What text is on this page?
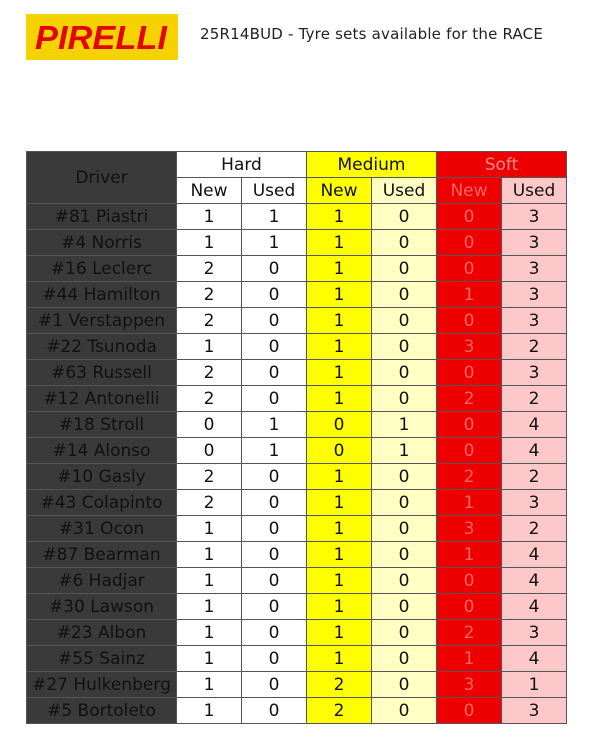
PIRELLI 25R14BUD - Tyre sets available for the RACE
Driver	Hard		Medium		Soft	
	New	Used	New	Used	New	Used
#81 Piastri	1	1	1	0	0	3
#4 Norris	1	1	1	0	0	3
#16 Leclerc	2	0	1	0	0	3
#44 Hamilton	2	0	1	0	1	3
#1 Verstappen	2	0	1	0	0	3
#22 Tsunoda	1	0	1	0	3	2
#63 Russell	2	0	1	0	0	3
#12 Antonelli	2	0	1	0	2	2
#18 Stroll	0	1	0	1	0	4
#14 Alonso	0	1	0	1	0	4
#10 Gasly	2	0	1	0	2	2
#43 Colapinto	2	0	1	0	1	3
#31 Ocon	1	0	1	0	3	2
#87 Bearman	1	0	1	0	1	4
#6 Hadjar	1	0	1	0	0	4
#30 Lawson	1	0	1	0	0	4
#23 Albon	1	0	1	0	2	3
#55 Sainz	1	0	1	0	1	4
#27 Hulkenberg	1	0	2	0	3	1
#5 Bortoleto	1	0	2	0	0	3
